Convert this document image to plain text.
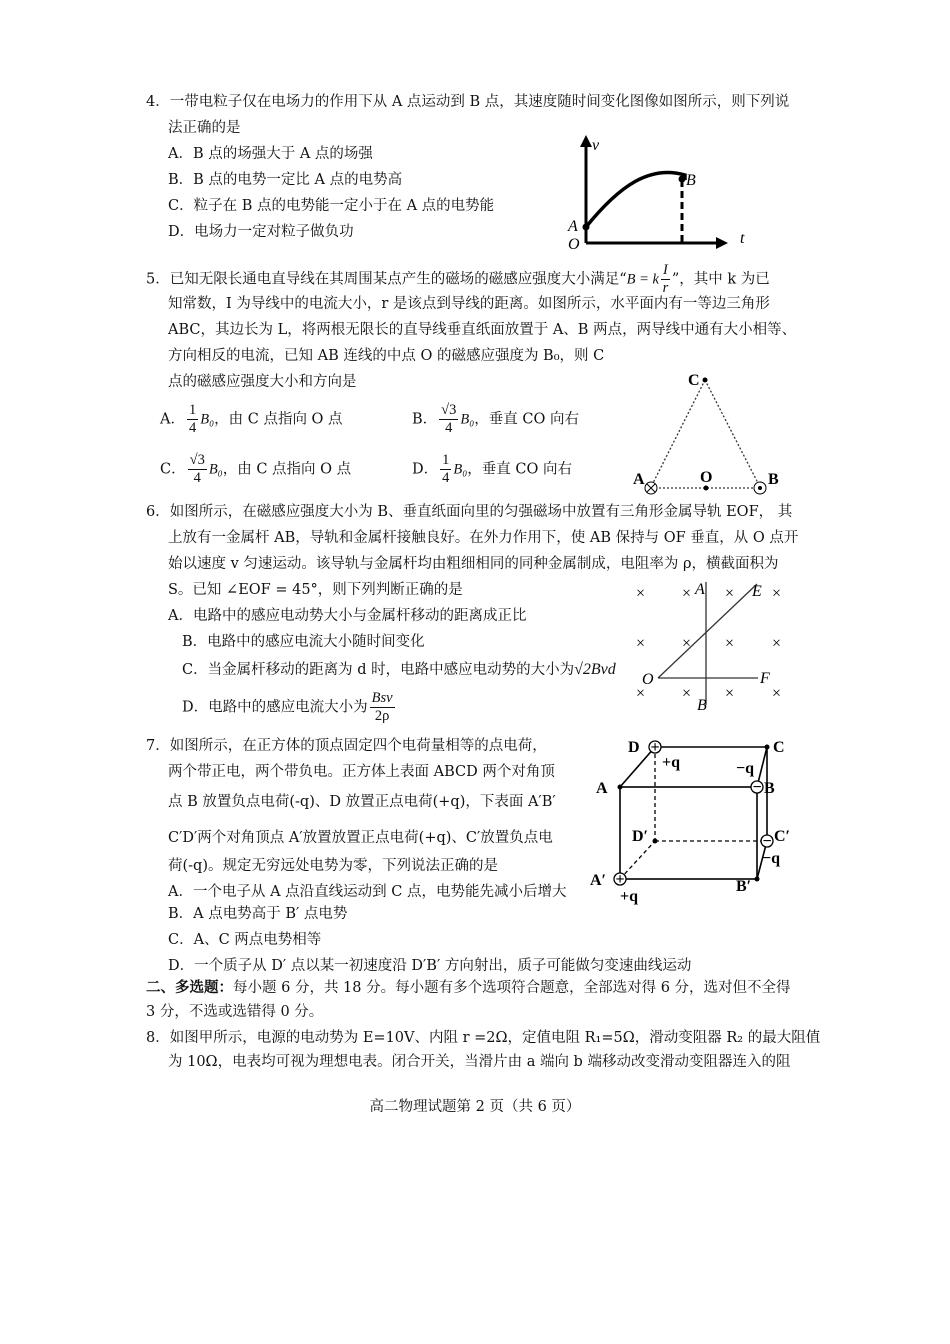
4．一带电粒子仅在电场力的作用下从 A 点运动到 B 点，其速度随时间变化图像如图所示，则下列说
法正确的是
A．B 点的场强大于 A 点的场强
B．B 点的电势一定比 A 点的电势高
C．粒子在 B 点的电势能一定小于在 A 点的电势能
D．电场力一定对粒子做负功
v
t
O
A
B
5．已知无限长通电直导线在其周围某点产生的磁场的磁感应强度大小满足“B = k $\frac{I}{r}$ ”，其中 k 为已
知常数，I 为导线中的电流大小，r 是该点到导线的距离。如图所示，水平面内有一等边三角形
ABC，其边长为 L，将两根无限长的直导线垂直纸面放置于 A、B 两点，两导线中通有大小相等、
方向相反的电流，已知 AB 连线的中点 O 的磁感应强度为 B₀，则 C
点的磁感应强度大小和方向是
A． $\frac{1}{4} B_0$，由 C 点指向 O 点	B． $\frac{√3}{4} B_0$，垂直 CO 向右
C． $\frac{√3}{4} B_0$，由 C 点指向 O 点	D． $\frac{1}{4} B_0$，垂直 CO 向右
C
A	O	B
6．如图所示，在磁感应强度大小为 B、垂直纸面向里的匀强磁场中放置有三角形金属导轨 EOF， 其
上放有一金属杆 AB，导轨和金属杆接触良好。在外力作用下，使 AB 保持与 OF 垂直，从 O 点开
始以速度 v 匀速运动。该导轨与金属杆均由粗细相同的同种金属制成，电阻率为 ρ，横截面积为
S。已知 ∠EOF = 45°，则下列判断正确的是
A．电路中的感应电动势大小与金属杆移动的距离成正比
B．电路中的感应电流大小随时间变化
C．当金属杆移动的距离为 d 时，电路中感应电动势的大小为√2Bvd
D．电路中的感应电流大小为
Bsv
2ρ
× × × ×
× × × ×
× × × ×
A	E
O	F
B
7．如图所示，在正方体的顶点固定四个电荷量相等的点电荷，
两个带正电，两个带负电。正方体上表面 ABCD 两个对角顶
点 B 放置负点电荷(-q)、D 放置正点电荷(+q)，下表面 A′B′
C′D′两个对角顶点 A′放置放置正点电荷(+q)、C′放置负点电
荷(-q)。规定无穷远处电势为零，下列说法正确的是
A．一个电子从 A 点沿直线运动到 C 点，电势能先减小后增大
B．A 点电势高于 B′ 点电势
C．A、C 两点电势相等
D．一个质子从 D′ 点以某一初速度沿 D′B′ 方向射出，质子可能做匀变速曲线运动
+
−
−
+
D	C
A	B
D′	C′
A′	B′
+q	−q
−q
+q
二、多选题：每小题 6 分，共 18 分。每小题有多个选项符合题意，全部选对得 6 分，选对但不全得
3 分，不选或选错得 0 分。
8．如图甲所示，电源的电动势为 E=10V、内阻 r =2Ω，定值电阻 R₁=5Ω，滑动变阻器 R₂ 的最大阻值
为 10Ω，电表均可视为理想电表。闭合开关，当滑片由 a 端向 b 端移动改变滑动变阻器连入的阻
高二物理试题第 2 页（共 6 页）
